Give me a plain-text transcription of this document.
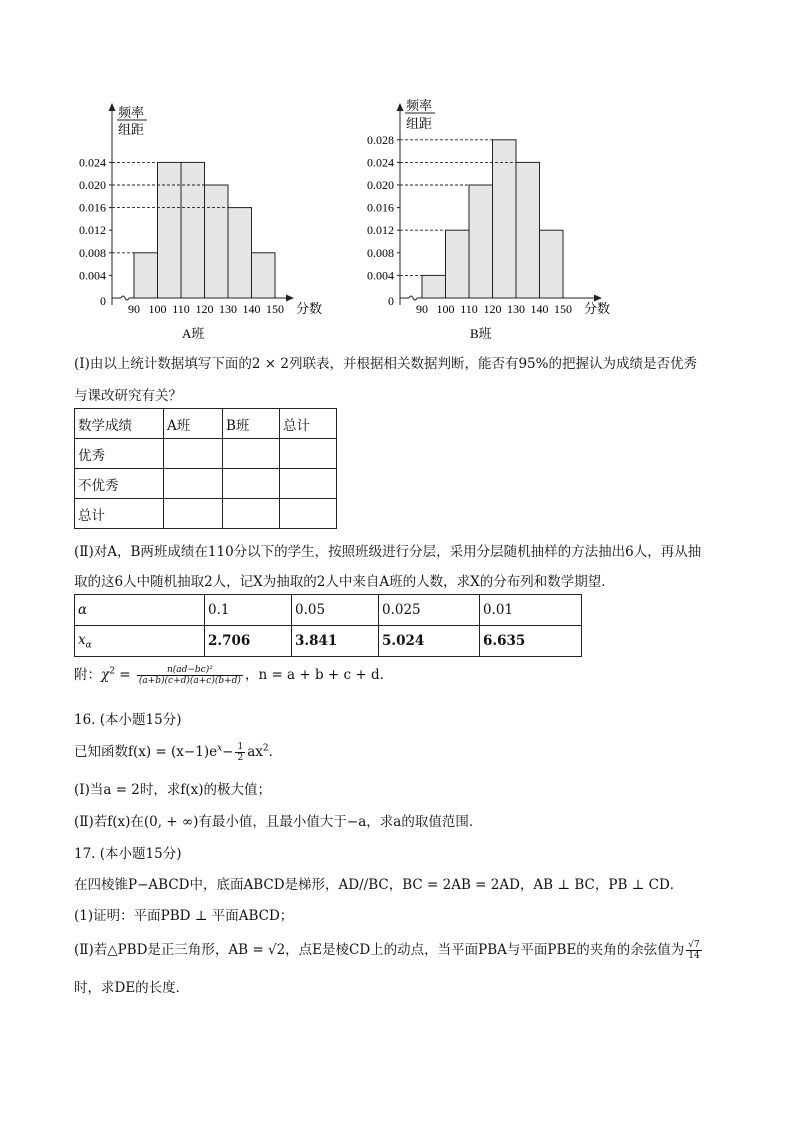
0.024
0.020
0.016
0.012
0.008
0.004
90 100 110 120 130 140 150
频率
组距
0	分数
A班
0.028
0.024
0.020
0.016
0.012
0.008
0.004
90 100 110 120 130 140 150
频率
组距
0	分数
B班
(Ⅰ)由以上统计数据填写下面的2 × 2列联表，并根据相关数据判断，能否有95%的把握认为成绩是否优秀
与课改研究有关？
数学成绩	A班	B班	总计
优秀			
不优秀			
总计			
(Ⅱ)对A，B两班成绩在110分以下的学生，按照班级进行分层，采用分层随机抽样的方法抽出6人，再从抽
取的这6人中随机抽取2人，记X为抽取的2人中来自A班的人数，求X的分布列和数学期望．
α	0.1	0.05	0.025	0.01
$x_\alpha$	2.706	3.841	5.024	6.635
附：$\chi^2 = \frac{\text{n(ad−bc)²}}{(a+b)(c+d)(a+c)(b+d)}$ ，n = a + b + c + d．
16. (本小题15分)
已知函数$f(x) = (x-1)e^x- \frac{1}{2} ax^2$．
(Ⅰ)当a = 2时，求f(x)的极大值；
(Ⅱ)若f(x)在(0, + ∞)有最小值，且最小值大于−a，求a的取值范围．
17. (本小题15分)
在四棱锥P−ABCD中，底面ABCD是梯形，AD//BC，BC = 2AB = 2AD，AB ⊥ BC，PB ⊥ CD．
(1)证明：平面PBD ⊥ 平面ABCD；
(Ⅱ)若△PBD是正三角形，AB = √2，点E是棱CD上的动点，当平面PBA与平面PBE的夹角的余弦值为 $\frac{√7}{14}$
时，求DE的长度．
